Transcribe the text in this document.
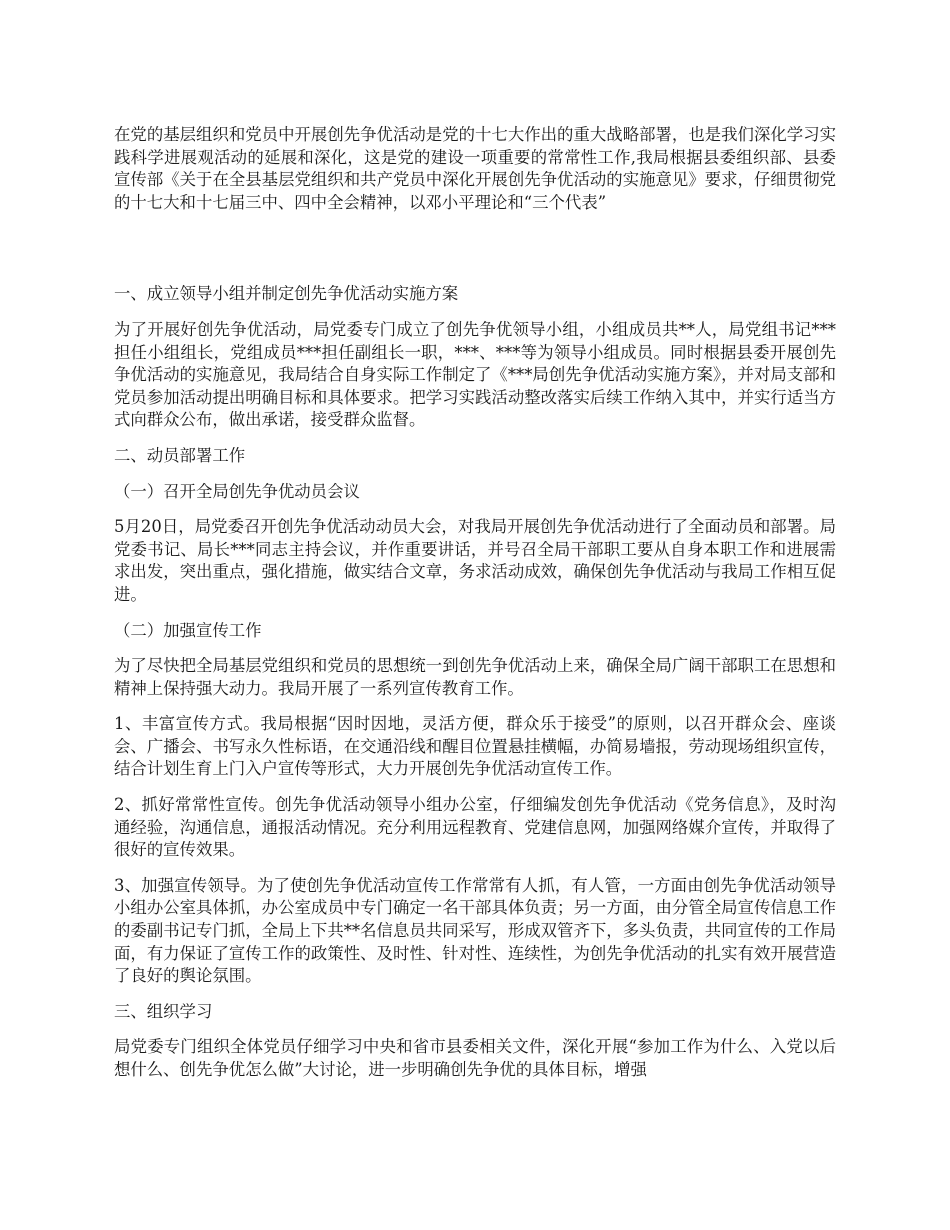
在党的基层组织和党员中开展创先争优活动是党的十七大作出的重大战略部署，也是我们深化学习实践科学进展观活动的延展和深化，这是党的建设一项重要的常常性工作,我局根据县委组织部、县委宣传部《关于在全县基层党组织和共产党员中深化开展创先争优活动的实施意见》要求，仔细贯彻党的十七大和十七届三中、四中全会精神，以邓小平理论和“三个代表”

一、成立领导小组并制定创先争优活动实施方案

为了开展好创先争优活动，局党委专门成立了创先争优领导小组，小组成员共**人，局党组书记***担任小组组长，党组成员***担任副组长一职，***、***等为领导小组成员。同时根据县委开展创先争优活动的实施意见，我局结合自身实际工作制定了《***局创先争优活动实施方案》，并对局支部和党员参加活动提出明确目标和具体要求。把学习实践活动整改落实后续工作纳入其中，并实行适当方式向群众公布，做出承诺，接受群众监督。

二、动员部署工作

（一）召开全局创先争优动员会议

5月20日，局党委召开创先争优活动动员大会，对我局开展创先争优活动进行了全面动员和部署。局党委书记、局长***同志主持会议，并作重要讲话，并号召全局干部职工要从自身本职工作和进展需求出发，突出重点，强化措施，做实结合文章，务求活动成效，确保创先争优活动与我局工作相互促进。

（二）加强宣传工作

为了尽快把全局基层党组织和党员的思想统一到创先争优活动上来，确保全局广阔干部职工在思想和精神上保持强大动力。我局开展了一系列宣传教育工作。

1、丰富宣传方式。我局根据“因时因地，灵活方便，群众乐于接受”的原则，以召开群众会、座谈会、广播会、书写永久性标语，在交通沿线和醒目位置悬挂横幅，办简易墙报，劳动现场组织宣传，结合计划生育上门入户宣传等形式，大力开展创先争优活动宣传工作。

2、抓好常常性宣传。创先争优活动领导小组办公室，仔细编发创先争优活动《党务信息》，及时沟通经验，沟通信息，通报活动情况。充分利用远程教育、党建信息网，加强网络媒介宣传，并取得了很好的宣传效果。

3、加强宣传领导。为了使创先争优活动宣传工作常常有人抓，有人管，一方面由创先争优活动领导小组办公室具体抓，办公室成员中专门确定一名干部具体负责；另一方面，由分管全局宣传信息工作的委副书记专门抓，全局上下共**名信息员共同采写，形成双管齐下，多头负责，共同宣传的工作局面，有力保证了宣传工作的政策性、及时性、针对性、连续性，为创先争优活动的扎实有效开展营造了良好的舆论氛围。

三、组织学习

局党委专门组织全体党员仔细学习中央和省市县委相关文件，深化开展“参加工作为什么、入党以后想什么、创先争优怎么做”大讨论，进一步明确创先争优的具体目标，增强
